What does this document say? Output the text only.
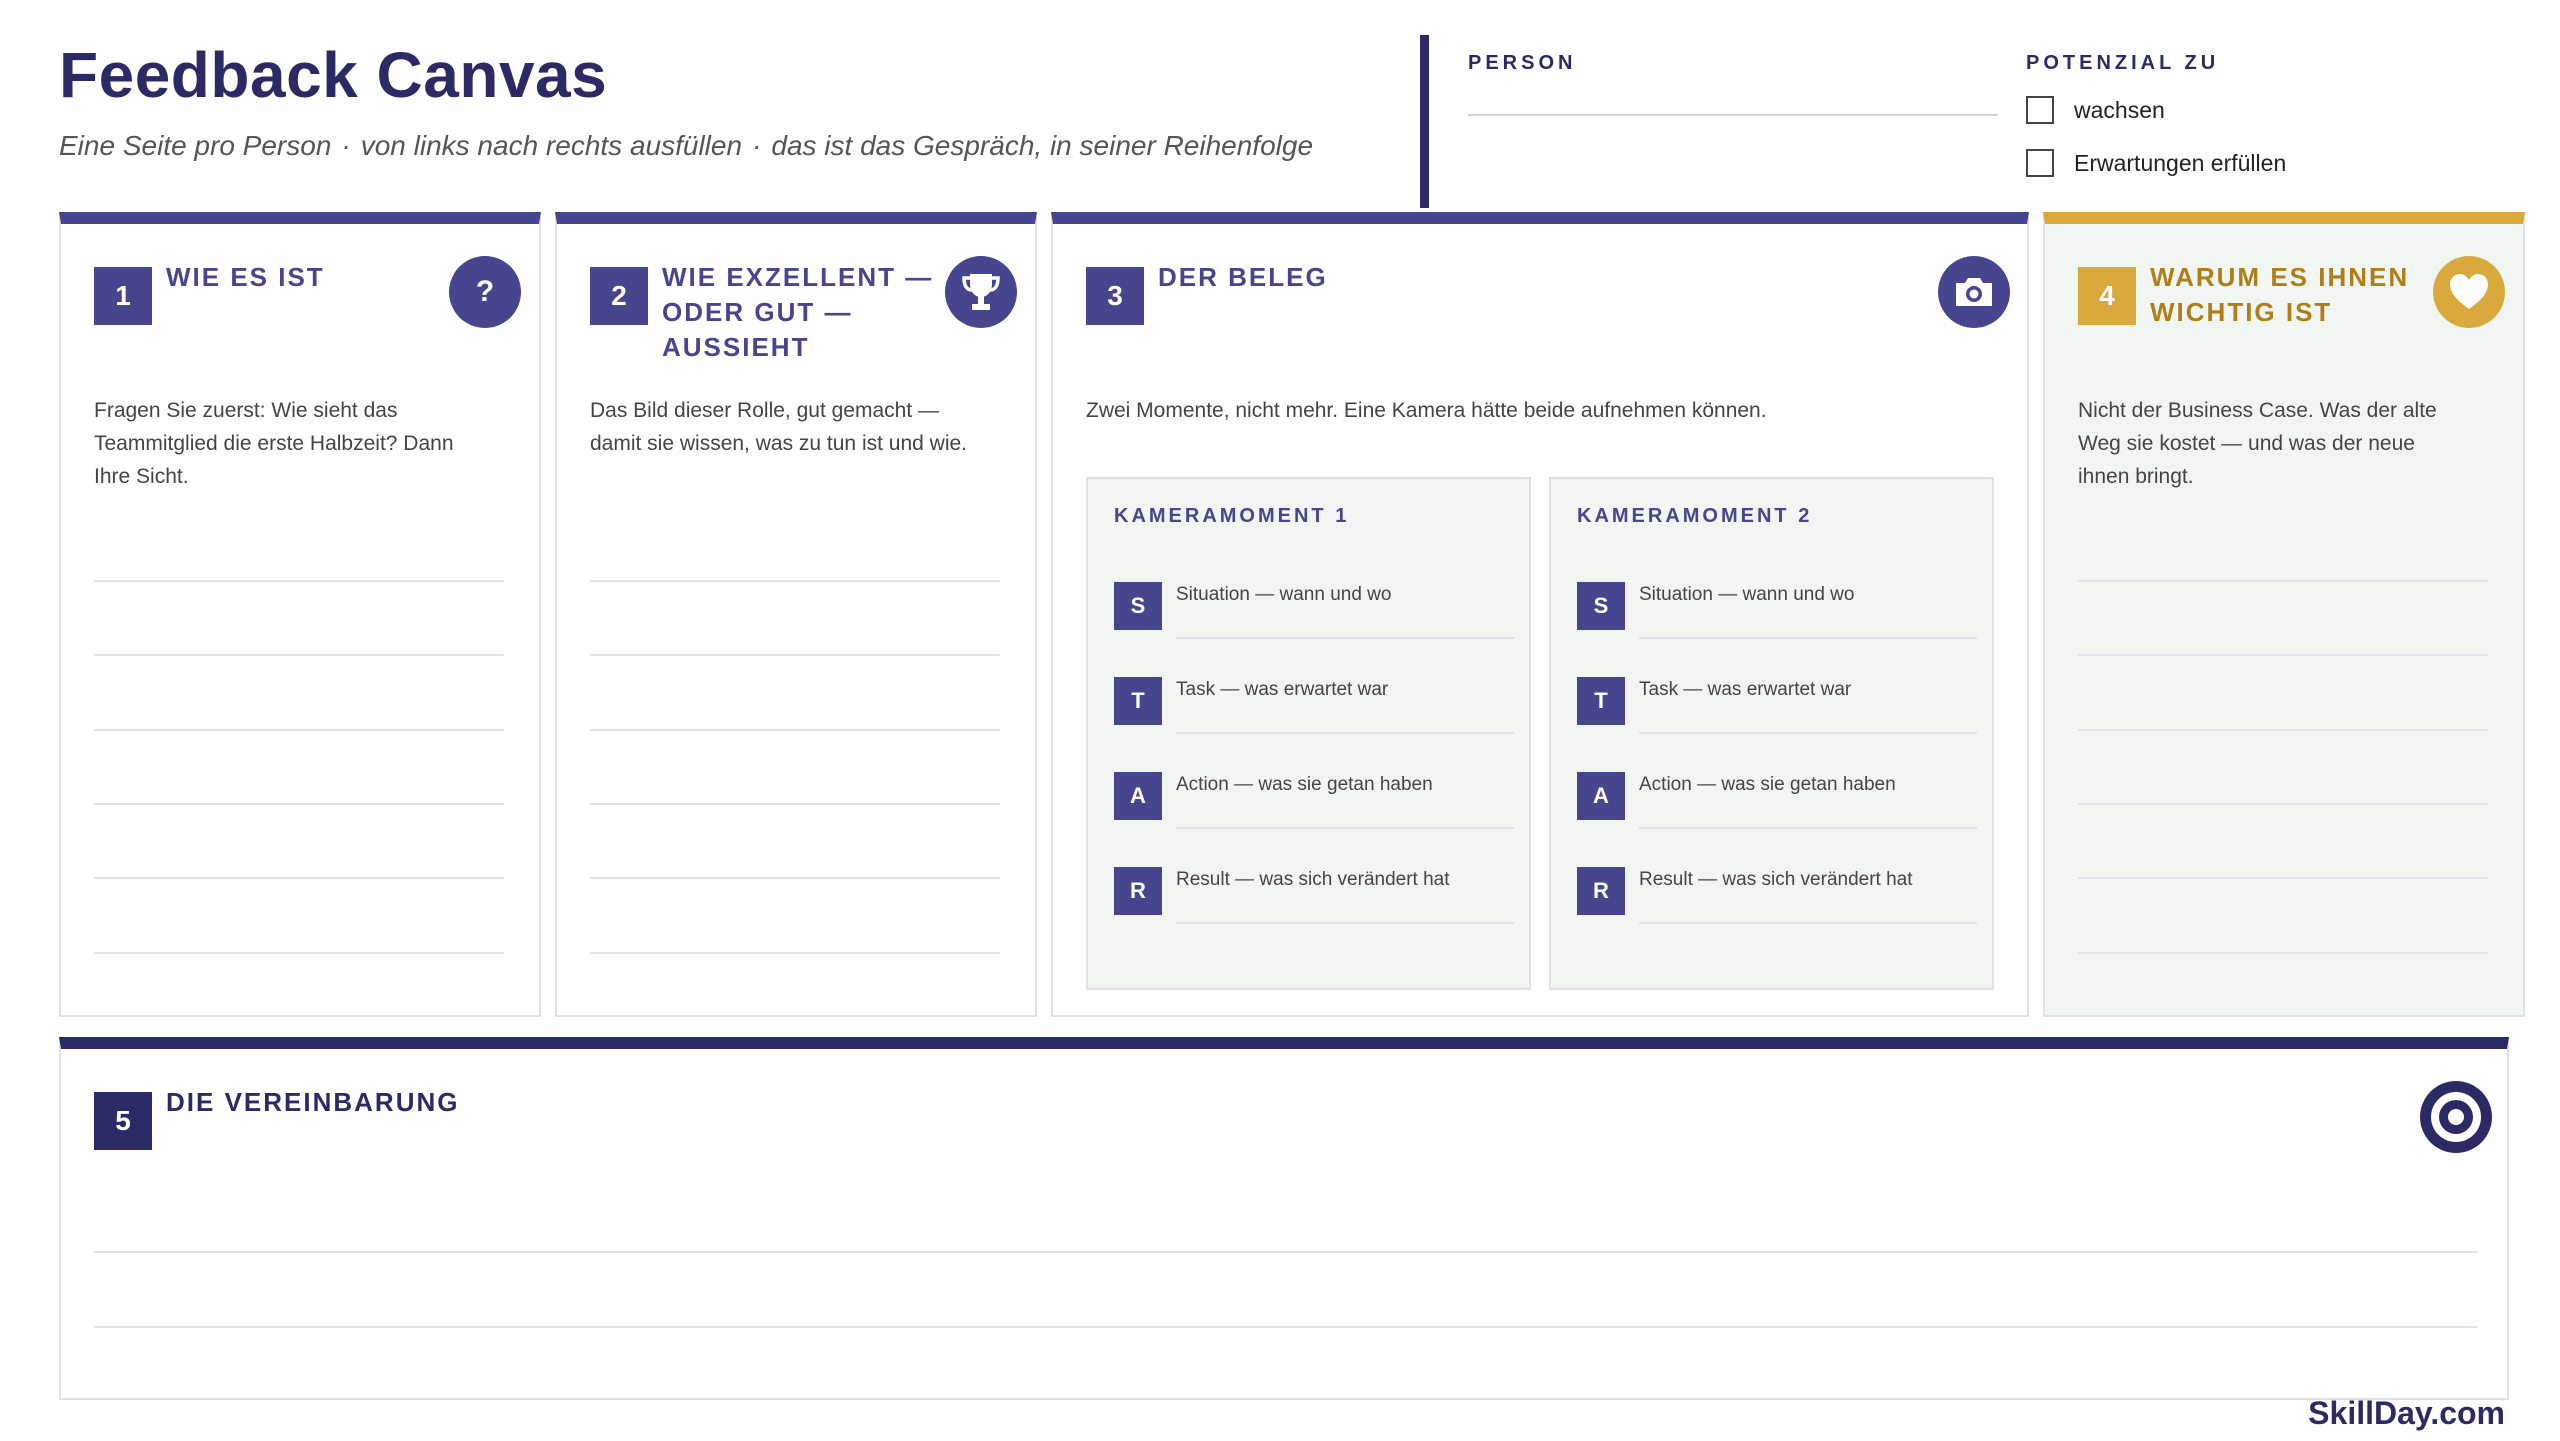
Feedback Canvas
Eine Seite pro Person · von links nach rechts ausfüllen · das ist das Gespräch, in seiner Reihenfolge
PERSON	POTENZIAL ZU
wachsen
Erwartungen erfüllen
1
WIE ES IST	?
Fragen Sie zuerst: Wie sieht das
Teammitglied die erste Halbzeit? Dann
Ihre Sicht.
2
WIE EXZELLENT —
ODER GUT —
AUSSIEHT
Das Bild dieser Rolle, gut gemacht —
damit sie wissen, was zu tun ist und wie.
3
DER BELEG
Zwei Momente, nicht mehr. Eine Kamera hätte beide aufnehmen können.
KAMERAMOMENT 1
S	Situation — wann und wo
T	Task — was erwartet war
A	Action — was sie getan haben
R	Result — was sich verändert hat
KAMERAMOMENT 2
S	Situation — wann und wo
T	Task — was erwartet war
A	Action — was sie getan haben
R	Result — was sich verändert hat
4
WARUM ES IHNEN
WICHTIG IST
Nicht der Business Case. Was der alte
Weg sie kostet — und was der neue
ihnen bringt.
5
DIE VEREINBARUNG
SkillDay.com
